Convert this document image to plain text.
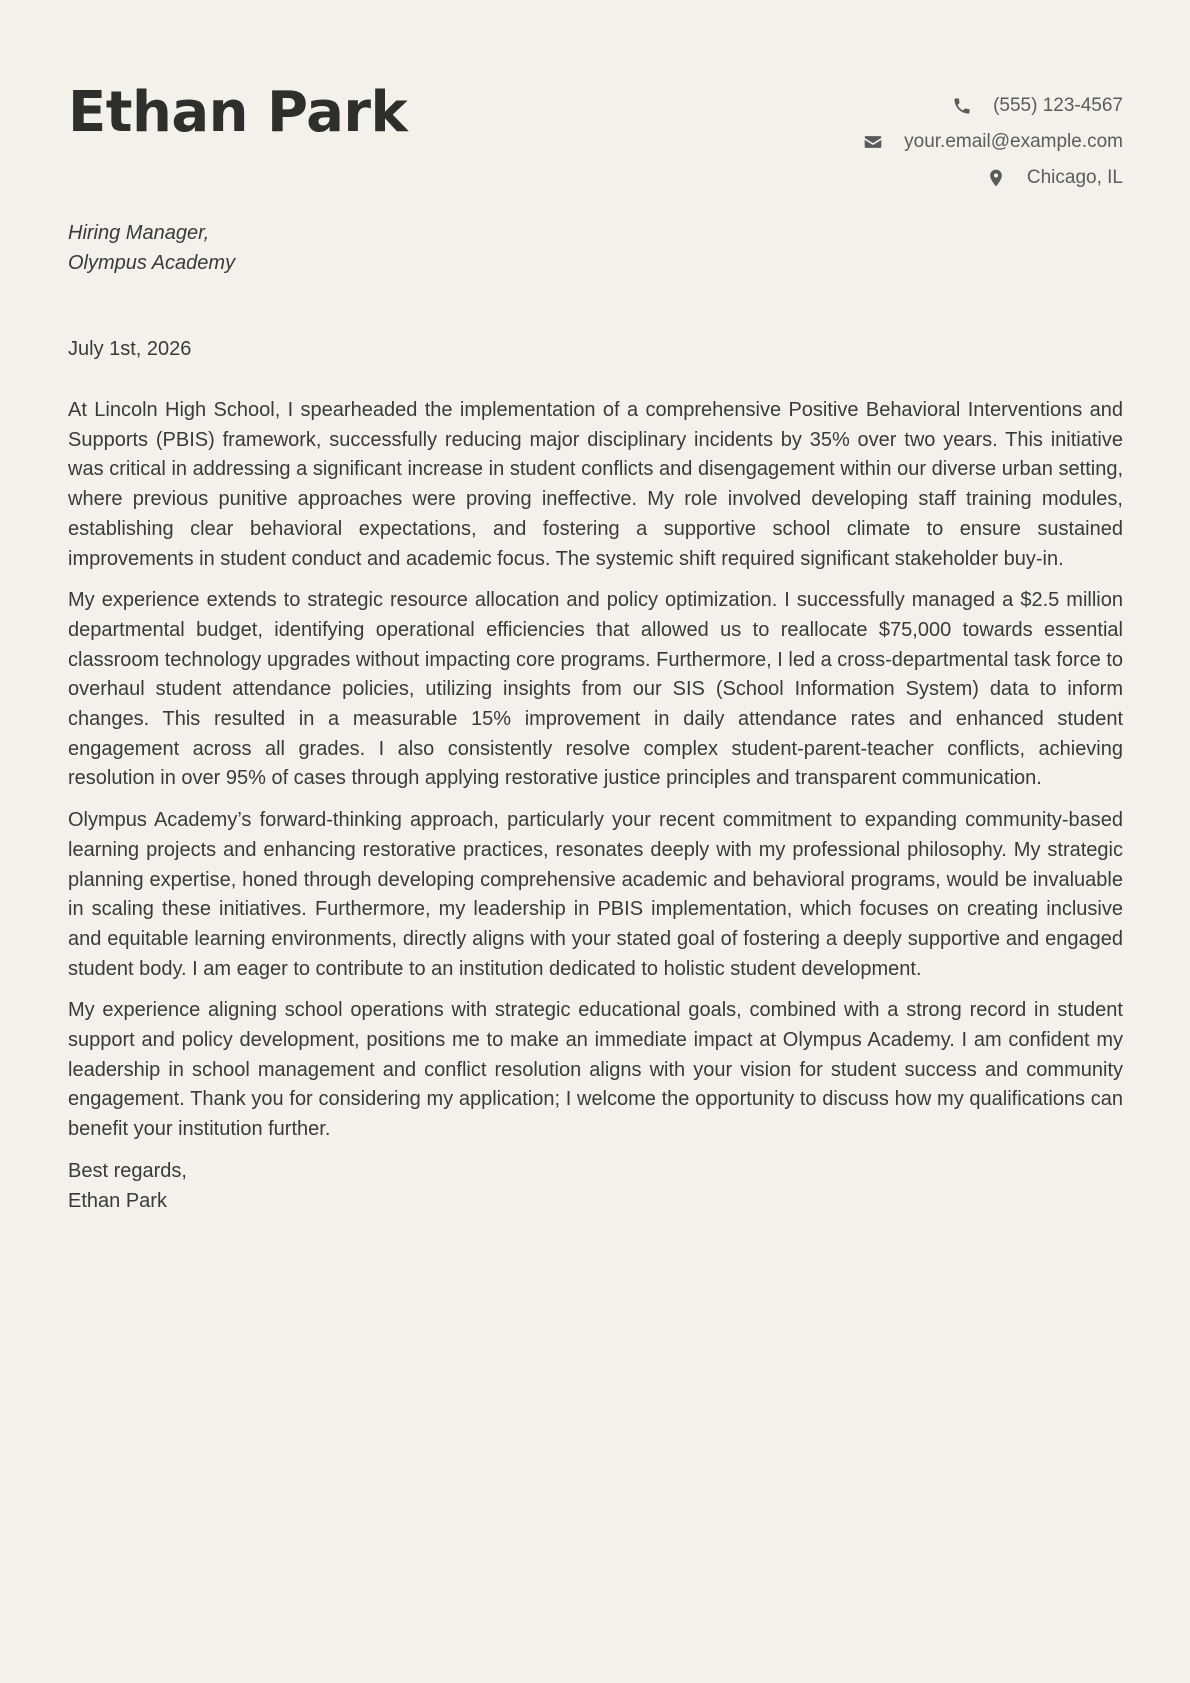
Ethan Park	(555) 123-4567
your.email@example.com
Chicago, IL
Hiring Manager,
Olympus Academy
July 1st, 2026

At Lincoln High School, I spearheaded the implementation of a comprehensive Positive Behavioral Interventions and Supports (PBIS) framework, successfully reducing major disciplinary incidents by 35% over two years. This initiative was critical in addressing a significant increase in student conflicts and disengagement within our diverse urban setting, where previous punitive approaches were proving ineffective. My role involved developing staff training modules, establishing clear behavioral expectations, and fostering a supportive school climate to ensure sustained improvements in student conduct and academic focus. The systemic shift required significant stakeholder buy-in.

My experience extends to strategic resource allocation and policy optimization. I successfully managed a $2.5 million departmental budget, identifying operational efficiencies that allowed us to reallocate $75,000 towards essential classroom technology upgrades without impacting core programs. Furthermore, I led a cross-departmental task force to overhaul student attendance policies, utilizing insights from our SIS (School Information System) data to inform changes. This resulted in a measurable 15% improvement in daily attendance rates and enhanced student engagement across all grades. I also consistently resolve complex student-parent-teacher conflicts, achieving resolution in over 95% of cases through applying restorative justice principles and transparent communication.

Olympus Academy’s forward-thinking approach, particularly your recent commitment to expanding community-based learning projects and enhancing restorative practices, resonates deeply with my professional philosophy. My strategic planning expertise, honed through developing comprehensive academic and behavioral programs, would be invaluable in scaling these initiatives. Furthermore, my leadership in PBIS implementation, which focuses on creating inclusive and equitable learning environments, directly aligns with your stated goal of fostering a deeply supportive and engaged student body. I am eager to contribute to an institution dedicated to holistic student development.

My experience aligning school operations with strategic educational goals, combined with a strong record in student support and policy development, positions me to make an immediate impact at Olympus Academy. I am confident my leadership in school management and conflict resolution aligns with your vision for student success and community engagement. Thank you for considering my application; I welcome the opportunity to discuss how my qualifications can benefit your institution further.

Best regards,
Ethan Park
